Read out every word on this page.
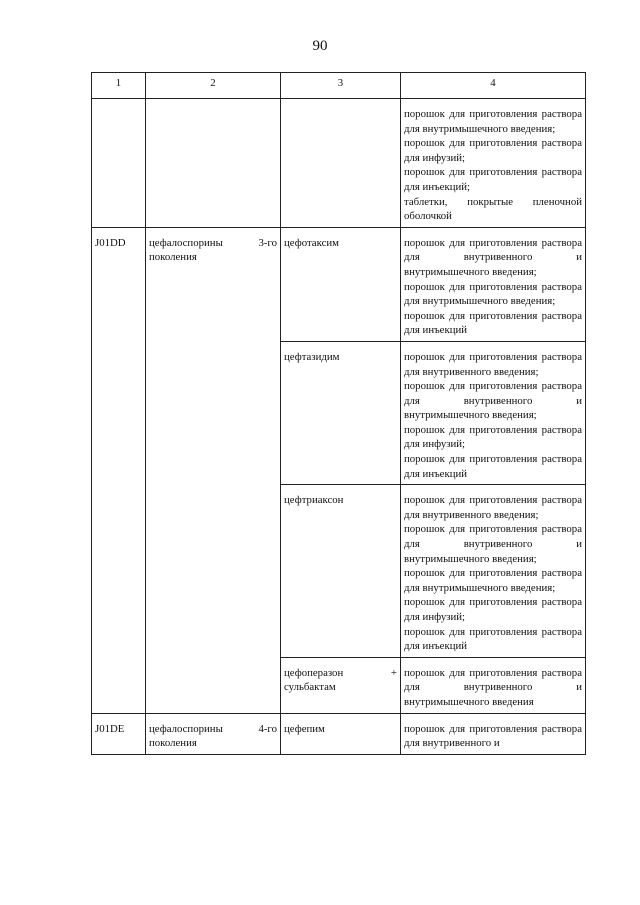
90
1	2	3	4

			порошок для приготовления раствора для внутримышечного введения;
порошок для приготовления раствора для инфузий;
порошок для приготовления раствора для инъекций;
таблетки, покрытые пленочной оболочкой

J01DD	цефалоспорины 3-го поколения	цефотаксим	порошок для приготовления раствора для внутривенного и внутримышечного введения;
порошок для приготовления раствора для внутримышечного введения;
порошок для приготовления раствора для инъекций

		цефтазидим	порошок для приготовления раствора для внутривенного введения;
порошок для приготовления раствора для внутривенного и внутримышечного введения;
порошок для приготовления раствора для инфузий;
порошок для приготовления раствора для инъекций

		цефтриаксон	порошок для приготовления раствора для внутривенного введения;
порошок для приготовления раствора для внутривенного и внутримышечного введения;
порошок для приготовления раствора для внутримышечного введения;
порошок для приготовления раствора для инфузий;
порошок для приготовления раствора для инъекций

		цефоперазон + сульбактам	порошок для приготовления раствора для внутривенного и внутримышечного введения

J01DE	цефалоспорины 4-го поколения	цефепим	порошок для приготовления раствора для внутривенного и
